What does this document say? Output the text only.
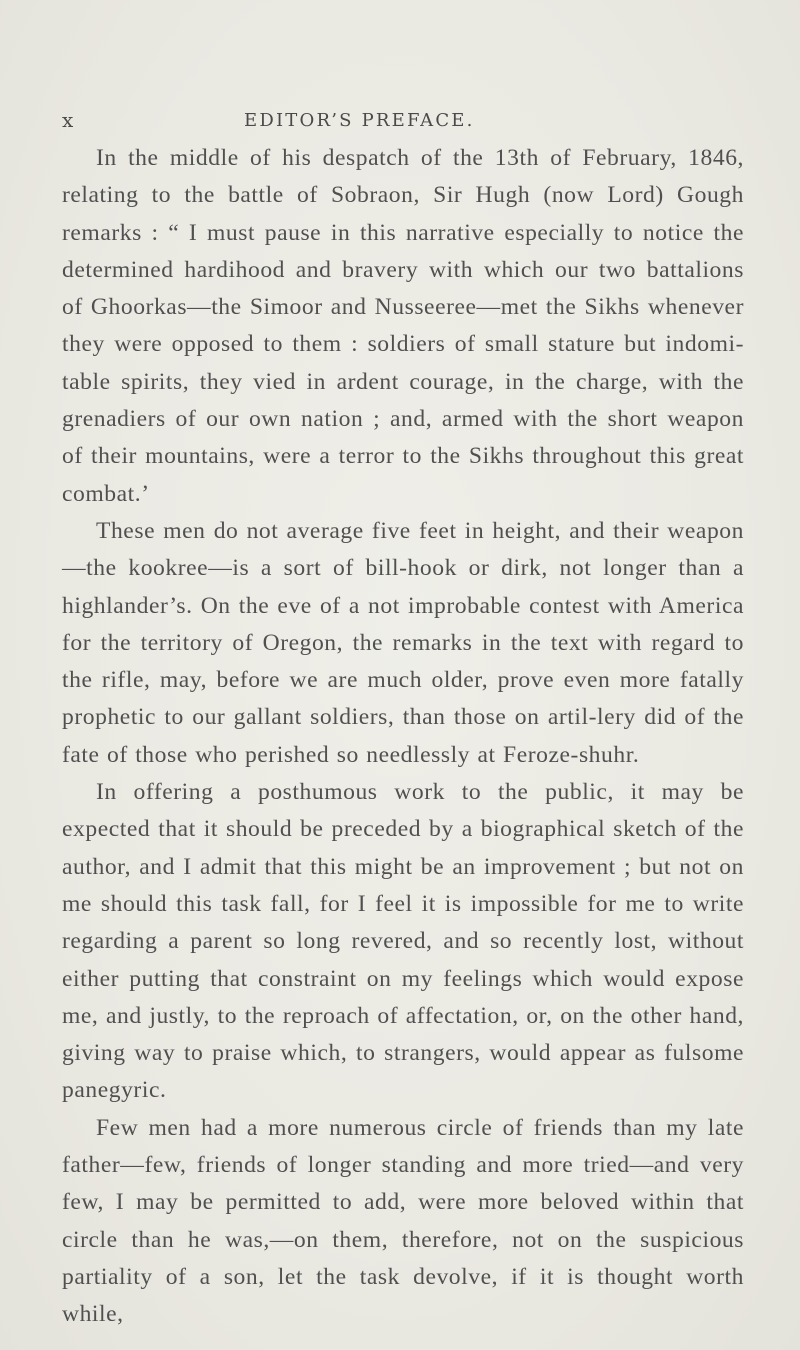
x	EDITOR’S PREFACE.

In the middle of his despatch of the 13th of February, 1846, relating to the battle of Sobraon, Sir Hugh (now Lord) Gough remarks : “ I must pause in this narrative especially to notice the determined hardihood and bravery with which our two battalions of Ghoorkas—the Simoor and Nusseeree—met the Sikhs whenever they were opposed to them : soldiers of small stature but indomi-table spirits, they vied in ardent courage, in the charge, with the grenadiers of our own nation ; and, armed with the short weapon of their mountains, were a terror to the Sikhs throughout this great combat.’

These men do not average five feet in height, and their weapon—the kookree—is a sort of bill-hook or dirk, not longer than a highlander’s. On the eve of a not improbable contest with America for the territory of Oregon, the remarks in the text with regard to the rifle, may, before we are much older, prove even more fatally prophetic to our gallant soldiers, than those on artil-lery did of the fate of those who perished so needlessly at Feroze-shuhr.

In offering a posthumous work to the public, it may be expected that it should be preceded by a biographical sketch of the author, and I admit that this might be an improvement ; but not on me should this task fall, for I feel it is impossible for me to write regarding a parent so long revered, and so recently lost, without either putting that constraint on my feelings which would expose me, and justly, to the reproach of affectation, or, on the other hand, giving way to praise which, to strangers, would appear as fulsome panegyric.

Few men had a more numerous circle of friends than my late father—few, friends of longer standing and more tried—and very few, I may be permitted to add, were more beloved within that circle than he was,—on them, therefore, not on the suspicious partiality of a son, let the task devolve, if it is thought worth while,
